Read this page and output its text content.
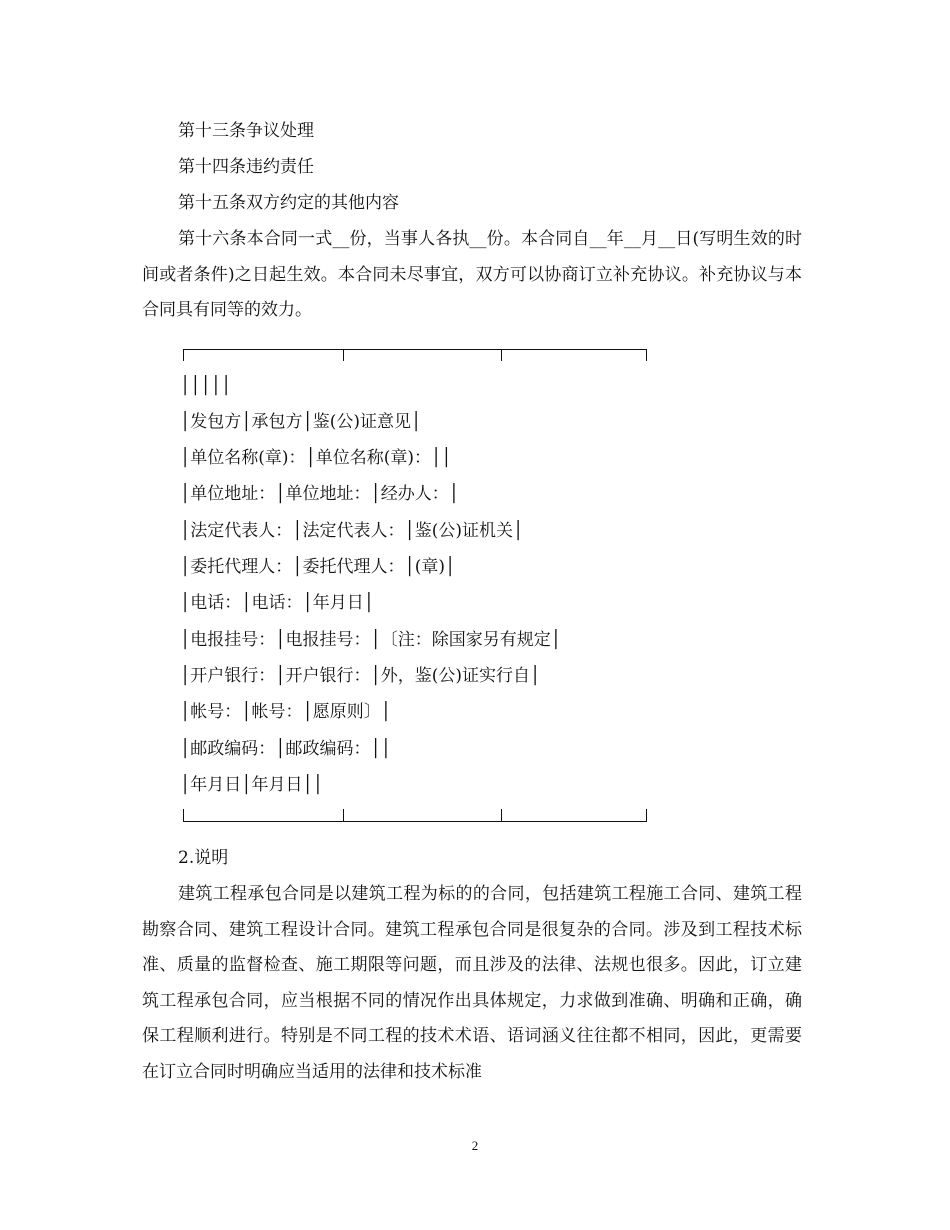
第十三条争议处理
第十四条违约责任
第十五条双方约定的其他内容
第十六条本合同一式__份，当事人各执__份。本合同自__年__月__日(写明生效的时间或者条件)之日起生效。本合同未尽事宜，双方可以协商订立补充协议。补充协议与本合同具有同等的效力。
│││││
│发包方│承包方│鉴(公)证意见│
│单位名称(章)：│单位名称(章)：││
│单位地址：│单位地址：│经办人：│
│法定代表人：│法定代表人：│鉴(公)证机关│
│委托代理人：│委托代理人：│(章)│
│电话：│电话：│年月日│
│电报挂号：│电报挂号：│〔注：除国家另有规定│
│开户银行：│开户银行：│外，鉴(公)证实行自│
│帐号：│帐号：│愿原则〕│
│邮政编码：│邮政编码：││
│年月日│年月日││
2.说明
建筑工程承包合同是以建筑工程为标的的合同，包括建筑工程施工合同、建筑工程勘察合同、建筑工程设计合同。建筑工程承包合同是很复杂的合同。涉及到工程技术标准、质量的监督检查、施工期限等问题，而且涉及的法律、法规也很多。因此，订立建筑工程承包合同，应当根据不同的情况作出具体规定，力求做到准确、明确和正确，确保工程顺利进行。特别是不同工程的技术术语、语词涵义往往都不相同，因此，更需要在订立合同时明确应当适用的法律和技术标准
2
